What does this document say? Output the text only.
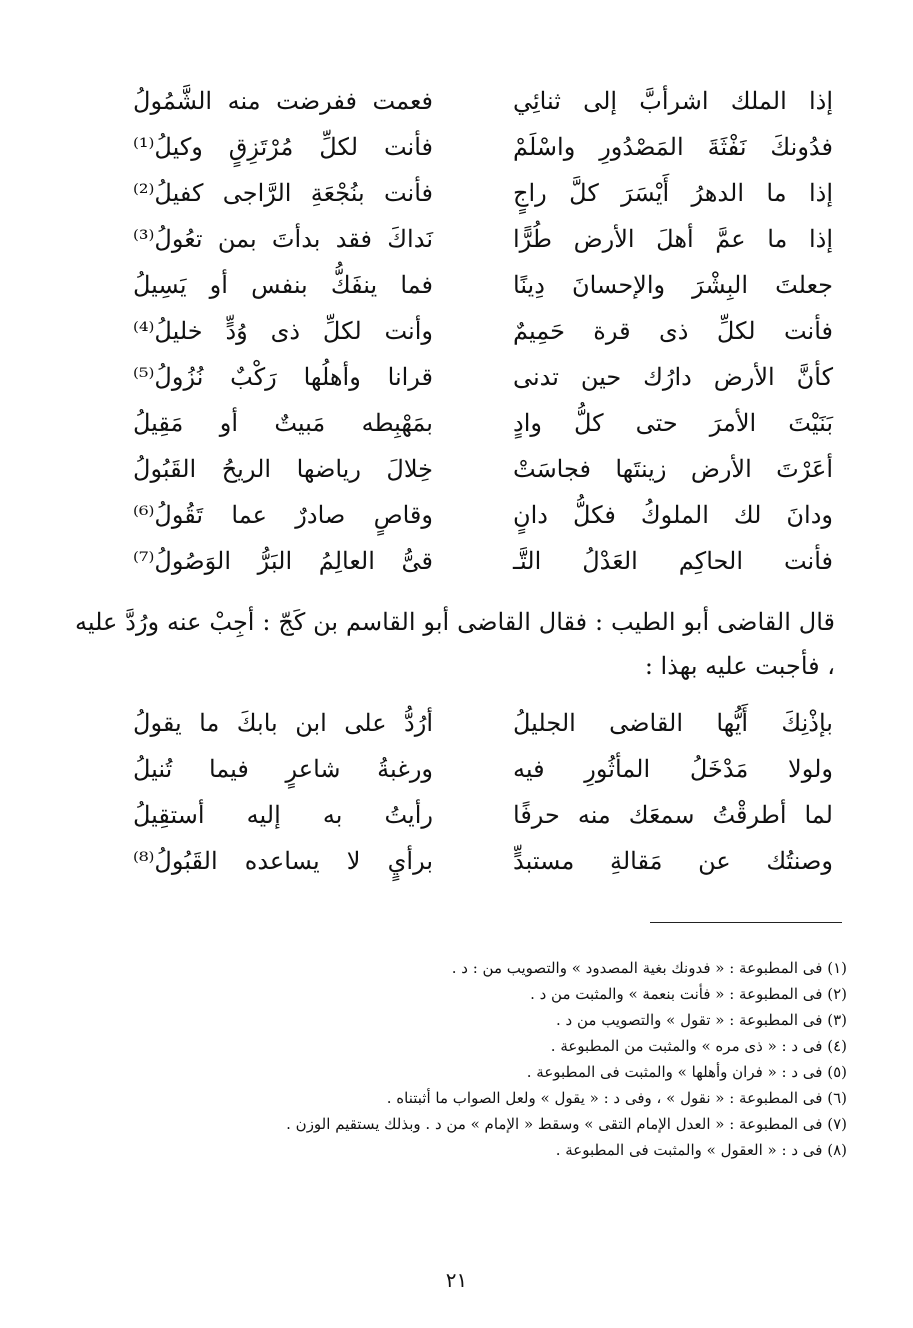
إذا الملك اشرأبَّ إلى ثنائِي
فعمت ففرضت منه الشَّمُولُ
فدُونكَ نَفْثَةَ المَصْدُورِ واسْلَمْ
فأنت لكلِّ مُرْتَزِقٍ وكيلُ⁽¹⁾
إذا ما الدهرُ أَيْسَرَ كلَّ راجٍ
فأنت بنُجْعَةِ الرَّاجى كفيلُ⁽²⁾
إذا ما عمَّ أهلَ الأرض طُرًّا
نَداكَ فقد بدأتَ بمن تعُولُ⁽³⁾
جعلتَ البِشْرَ والإحسانَ دِينًا
فما ينفَكُّ بنفس أو يَسِيلُ
فأنت لكلِّ ذى قرة حَمِيمٌ
وأنت لكلِّ ذى وُدٍّ خليلُ⁽⁴⁾
كأنَّ الأرض دارُك حين تدنى
قرانا وأهلُها رَكْبٌ نُزُولُ⁽⁵⁾
بَنَيْتَ الأمرَ حتى كلُّ وادٍ
بمَهْبِطه مَبيتٌ أو مَقِيلُ
أعَرْتَ الأرض زينتَها فجاسَتْ
خِلالَ رياضها الريحُ القَبُولُ
ودانَ لك الملوكُ فكلُّ دانٍ
وقاصٍ صادرٌ عما تَقُولُ⁽⁶⁾
فأنت الحاكِم العَدْلُ التَّـ
قىُّ العالِمُ البَرُّ الوَصُولُ⁽⁷⁾
قال القاضى أبو الطيب : فقال القاضى أبو القاسم بن كَجّ : أجِبْ عنه ورُدَّ عليه ، فأجبت عليه بهذا :
بإذْنِكَ أَيُّها القاضى الجليلُ
أرُدُّ على ابن بابكَ ما يقولُ
ولولا مَدْخَلُ المأثُورِ فيه
ورغبةُ شاعرٍ فيما تُنيلُ
لما أطرقْتُ سمعَك منه حرفًا
رأيتُ به إليه أستقِيلُ
وصنتُك عن مَقالةِ مستبدٍّ
برأيٍ لا يساعده القَبُولُ⁽⁸⁾
(١) فى المطبوعة : « فدونك بغية المصدود » والتصويب من : د .
(٢) فى المطبوعة : « فأنت بنعمة » والمثبت من د .
(٣) فى المطبوعة : « تقول » والتصويب من د .
(٤) فى د : « ذى مره » والمثبت من المطبوعة .
(٥) فى د : « فران وأهلها » والمثبت فى المطبوعة .
(٦) فى المطبوعة : « نقول » ، وفى د : « يقول » ولعل الصواب ما أثبتناه .
(٧) فى المطبوعة : « العدل الإمام التقى » وسقط « الإمام » من د . وبذلك يستقيم الوزن .
(٨) فى د : « العقول » والمثبت فى المطبوعة .
٢١
